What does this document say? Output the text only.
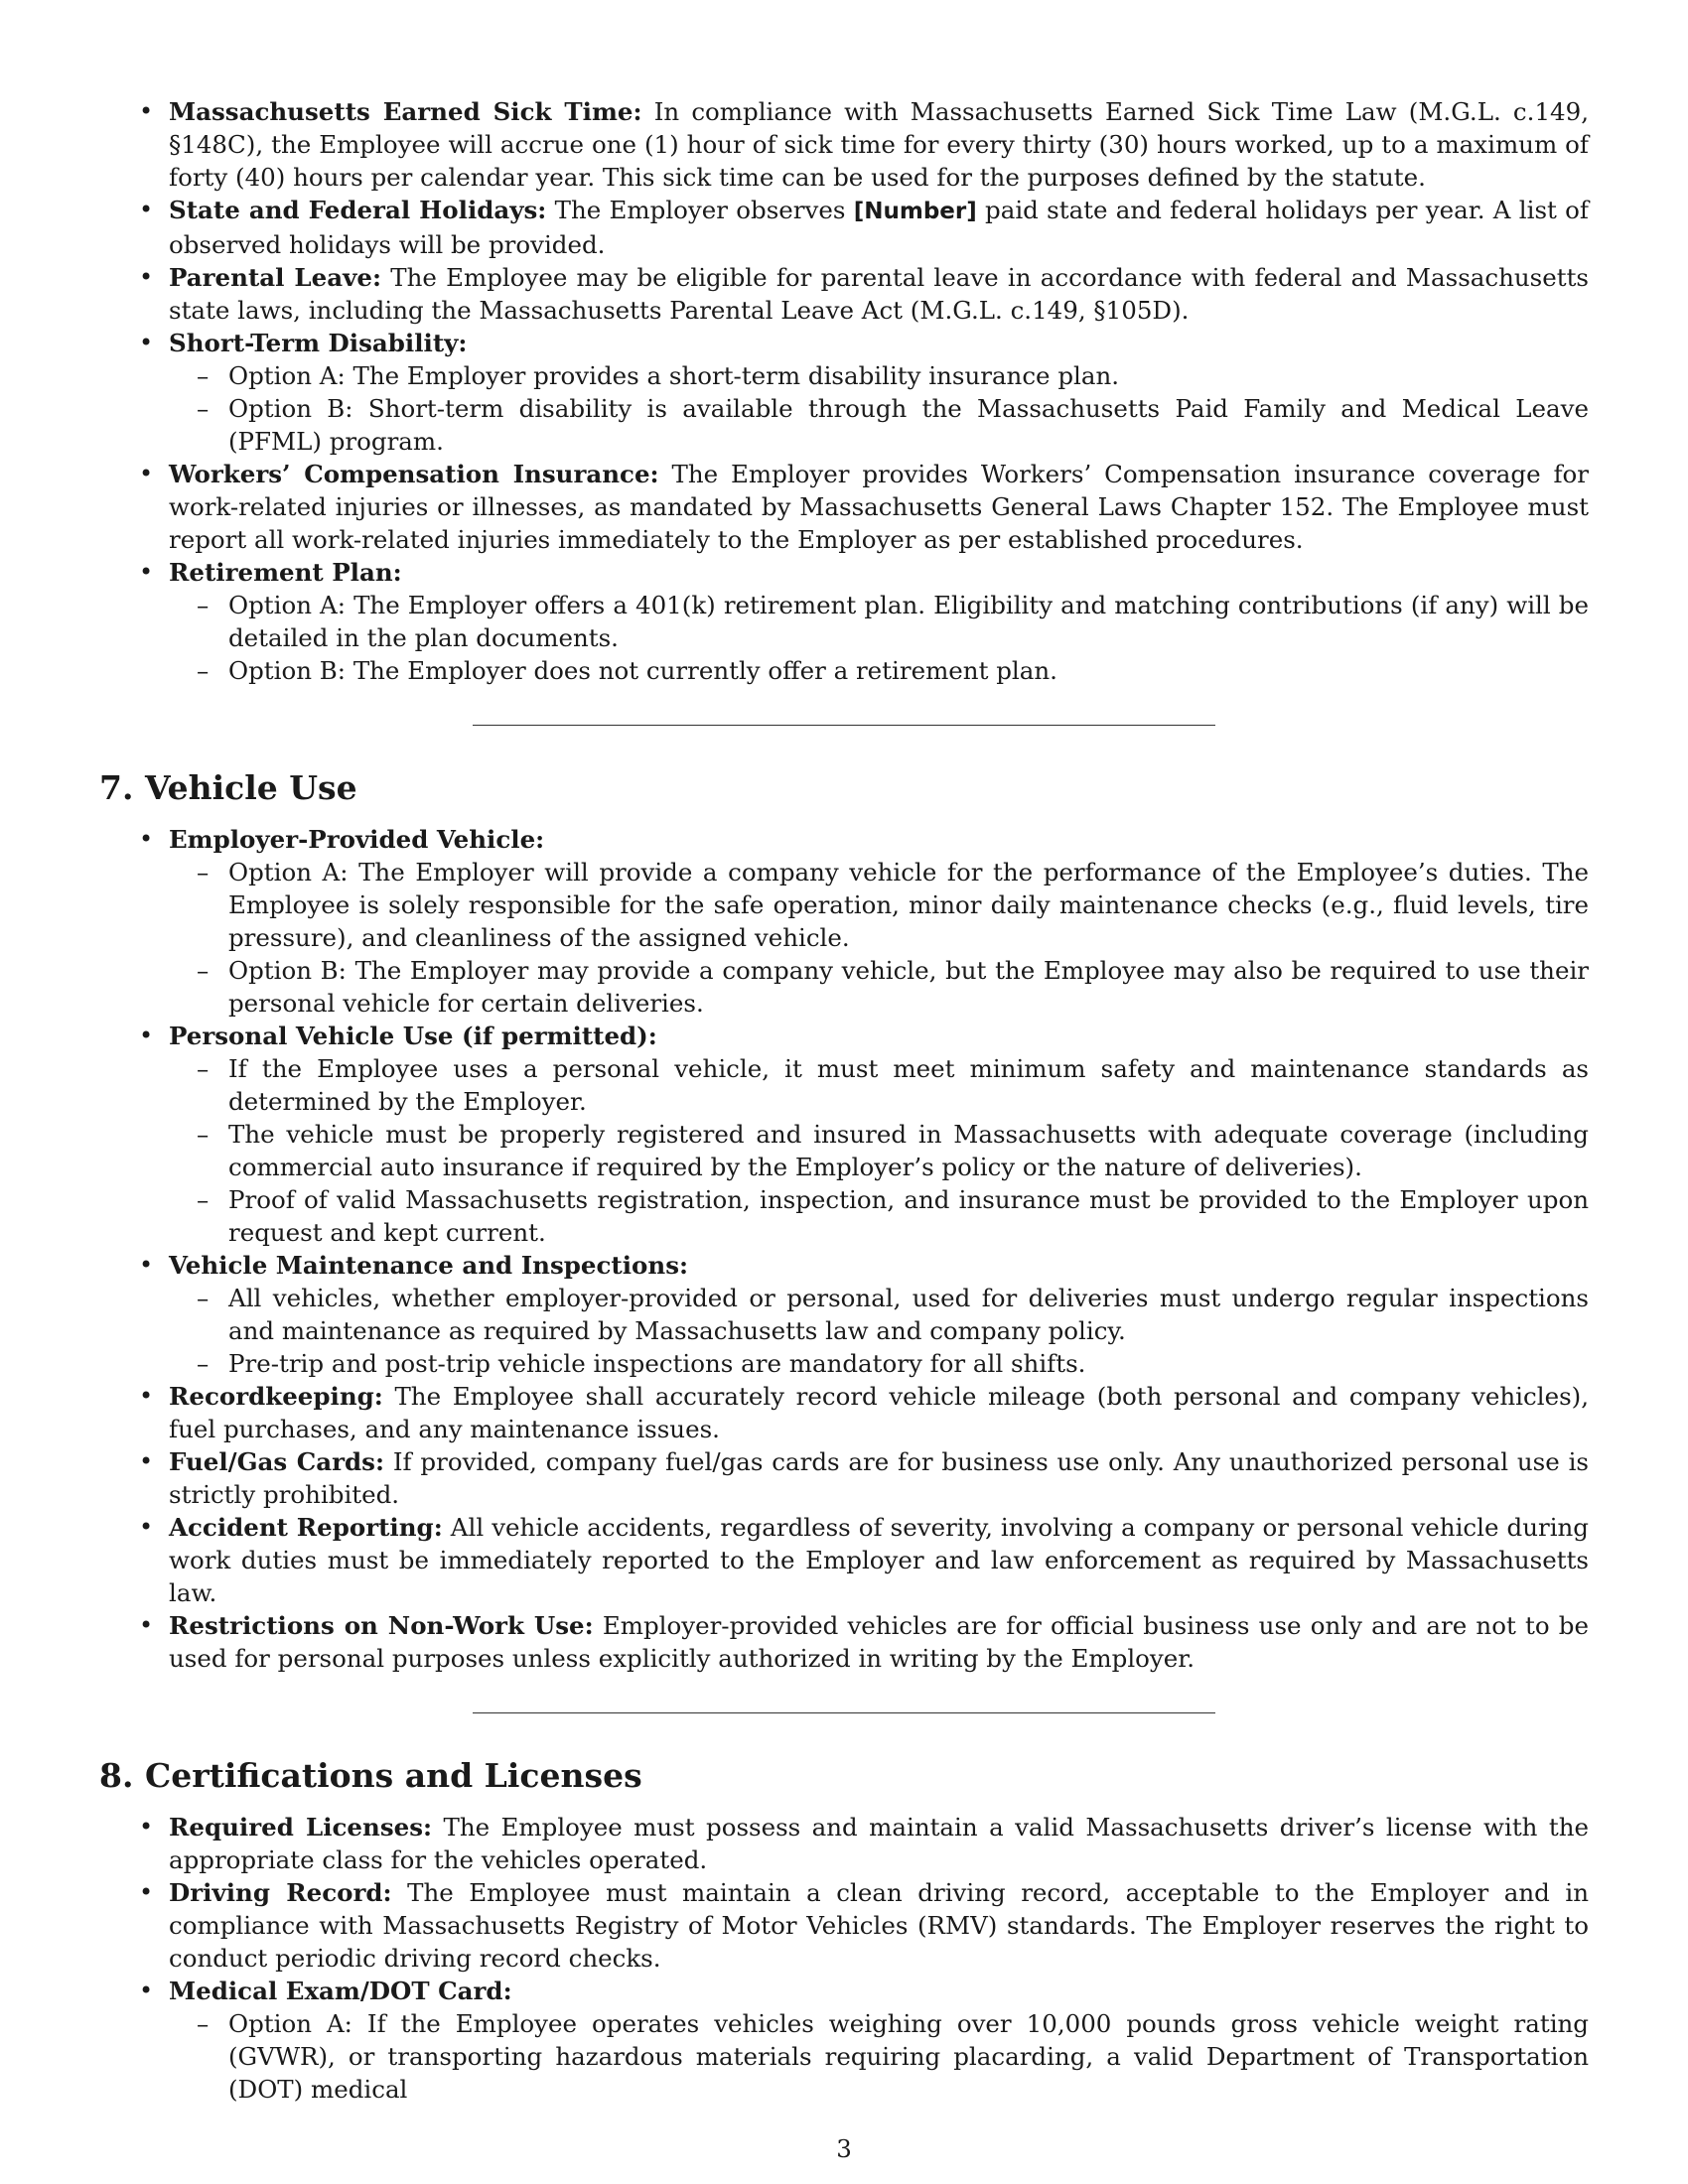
• Massachusetts Earned Sick Time: In compliance with Massachusetts Earned Sick Time Law (M.G.L. c.149, §148C), the Employee will accrue one (1) hour of sick time for every thirty (30) hours worked, up to a maximum of forty (40) hours per calendar year. This sick time can be used for the purposes defined by the statute.
• State and Federal Holidays: The Employer observes [Number] paid state and federal holidays per year. A list of observed holidays will be provided.
• Parental Leave: The Employee may be eligible for parental leave in accordance with federal and Massachusetts state laws, including the Massachusetts Parental Leave Act (M.G.L. c.149, §105D).
• Short-Term Disability:
– Option A: The Employer provides a short-term disability insurance plan.
– Option B: Short-term disability is available through the Massachusetts Paid Family and Medical Leave (PFML) program.
• Workers’ Compensation Insurance: The Employer provides Workers’ Compensation insurance coverage for work-related injuries or illnesses, as mandated by Massachusetts General Laws Chapter 152. The Employee must report all work-related injuries immediately to the Employer as per established procedures.
• Retirement Plan:
– Option A: The Employer offers a 401(k) retirement plan. Eligibility and matching contributions (if any) will be detailed in the plan documents.
– Option B: The Employer does not currently offer a retirement plan.
7. Vehicle Use
• Employer-Provided Vehicle:
– Option A: The Employer will provide a company vehicle for the performance of the Employee’s duties. The Employee is solely responsible for the safe operation, minor daily maintenance checks (e.g., fluid levels, tire pressure), and cleanliness of the assigned vehicle.
– Option B: The Employer may provide a company vehicle, but the Employee may also be required to use their personal vehicle for certain deliveries.
• Personal Vehicle Use (if permitted):
– If the Employee uses a personal vehicle, it must meet minimum safety and maintenance standards as determined by the Employer.
– The vehicle must be properly registered and insured in Massachusetts with adequate coverage (including commercial auto insurance if required by the Employer’s policy or the nature of deliveries).
– Proof of valid Massachusetts registration, inspection, and insurance must be provided to the Employer upon request and kept current.
• Vehicle Maintenance and Inspections:
– All vehicles, whether employer-provided or personal, used for deliveries must undergo regular inspections and maintenance as required by Massachusetts law and company policy.
– Pre-trip and post-trip vehicle inspections are mandatory for all shifts.
• Recordkeeping: The Employee shall accurately record vehicle mileage (both personal and company vehicles), fuel purchases, and any maintenance issues.
• Fuel/Gas Cards: If provided, company fuel/gas cards are for business use only. Any unauthorized personal use is strictly prohibited.
• Accident Reporting: All vehicle accidents, regardless of severity, involving a company or personal vehicle during work duties must be immediately reported to the Employer and law enforcement as required by Massachusetts law.
• Restrictions on Non-Work Use: Employer-provided vehicles are for official business use only and are not to be used for personal purposes unless explicitly authorized in writing by the Employer.
8. Certifications and Licenses
• Required Licenses: The Employee must possess and maintain a valid Massachusetts driver’s license with the appropriate class for the vehicles operated.
• Driving Record: The Employee must maintain a clean driving record, acceptable to the Employer and in compliance with Massachusetts Registry of Motor Vehicles (RMV) standards. The Employer reserves the right to conduct periodic driving record checks.
• Medical Exam/DOT Card:
– Option A: If the Employee operates vehicles weighing over 10,000 pounds gross vehicle weight rating (GVWR), or transporting hazardous materials requiring placarding, a valid Department of Transportation (DOT) medical
3
